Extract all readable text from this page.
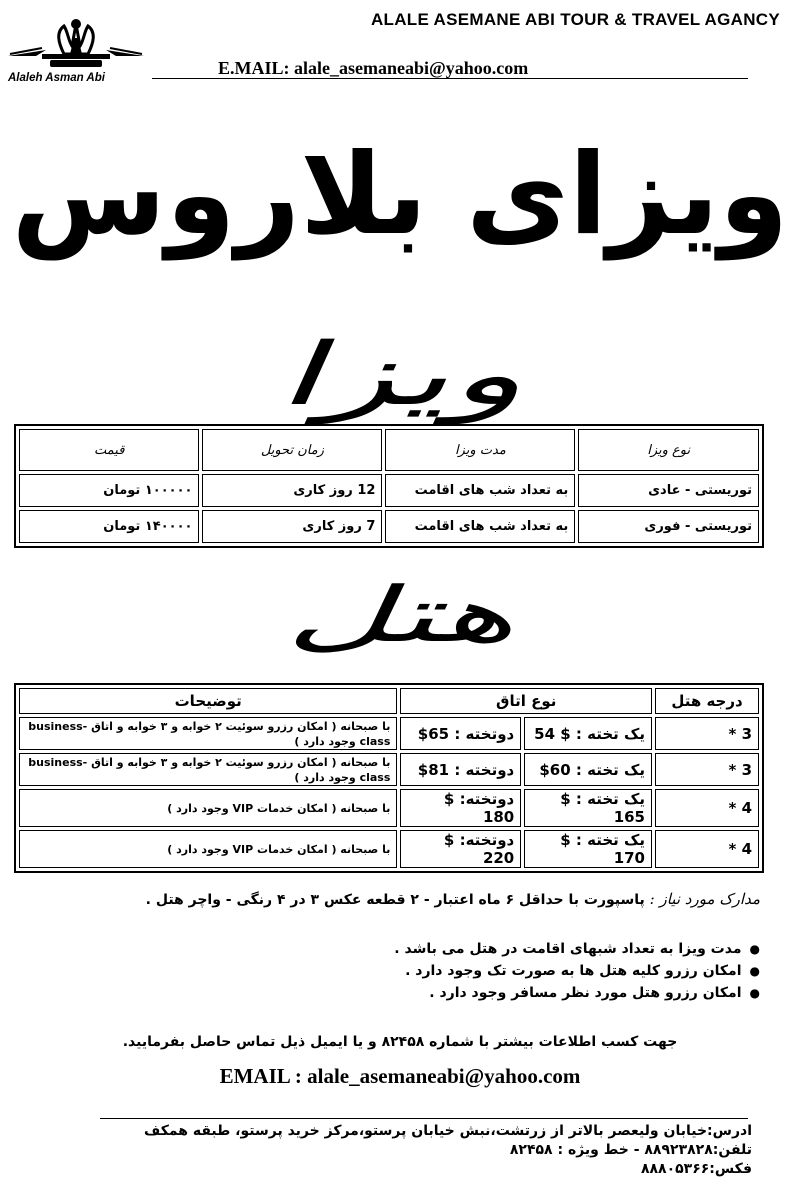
ALALE ASEMANE ABI TOUR & TRAVEL AGANCY
Alaleh Asman Abi	E.MAIL: alale_asemaneabi@yahoo.com
ویزای بلاروس
ویزا
نوع ویزا	مدت ویزا	زمان تحویل	قیمت
توریستی - عادی	به تعداد شب های اقامت	12 روز کاری	۱۰۰۰۰۰ تومان
توریستی - فوری	به تعداد شب های اقامت	7 روز کاری	۱۴۰۰۰۰ تومان
هتل
درجه هتل	نوع اتاق		توضیحات
3 *	یک تخته : $ 54	دوتخته : 65$	با صبحانه ( امکان رزرو سوئیت ۲ خوابه و ۳ خوابه و اتاق business-class وجود دارد )
3 *	یک تخته : 60$	دوتخته : 81$	با صبحانه ( امکان رزرو سوئیت ۲ خوابه و ۳ خوابه و اتاق business-class وجود دارد )
4 *	یک تخته : $ 165	دوتخته: $ 180	با صبحانه ( امکان خدمات VIP وجود دارد )
4 *	یک تخته : $ 170	دوتخته: $ 220	با صبحانه ( امکان خدمات VIP وجود دارد )
مدارک مورد نیاز : پاسپورت با حداقل ۶ ماه اعتبار - ۲ قطعه عکس ۳ در ۴ رنگی - واچر هتل .
● مدت ویزا به تعداد شبهای اقامت در هتل می باشد .
● امکان رزرو کلیه هتل ها به صورت تک وجود دارد .
● امکان رزرو هتل مورد نظر مسافر وجود دارد .
جهت کسب اطلاعات بیشتر با شماره ۸۲۴۵۸ و یا ایمیل ذیل تماس حاصل بفرمایید.
EMAIL : alale_asemaneabi@yahoo.com
ادرس:خیابان ولیعصر بالاتر از زرتشت،نبش خیابان پرستو،مرکز خرید پرستو، طبقه همکف
تلفن:۸۸۹۲۳۸۲۸ - خط ویژه : ۸۲۴۵۸
فکس:۸۸۸۰۵۳۶۶
